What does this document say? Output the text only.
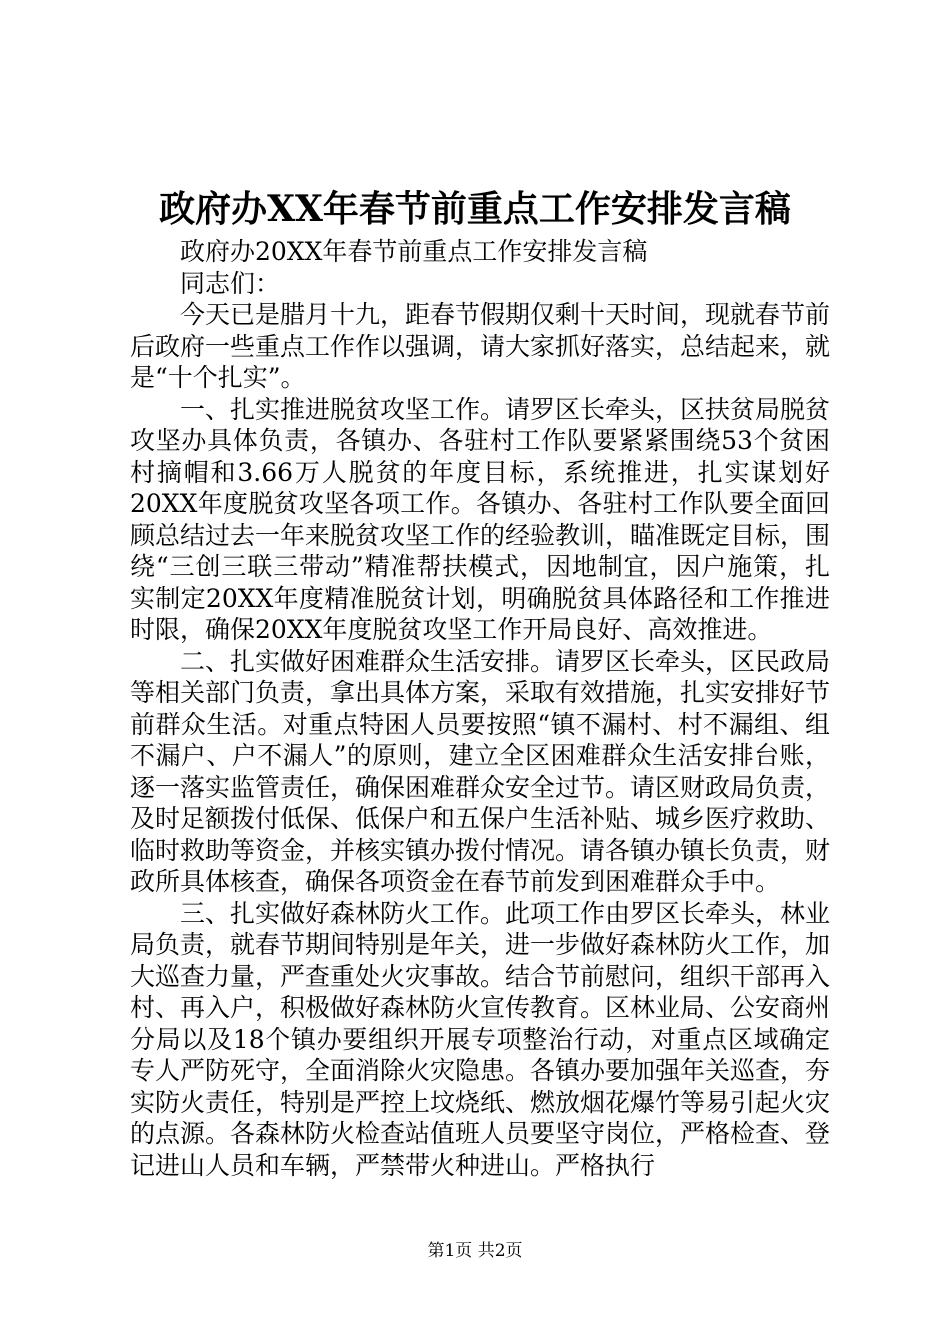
政府办XX年春节前重点工作安排发言稿

政府办20XX年春节前重点工作安排发言稿

同志们：

今天已是腊月十九，距春节假期仅剩十天时间，现就春节前后政府一些重点工作作以强调，请大家抓好落实，总结起来，就是“十个扎实”。

一、扎实推进脱贫攻坚工作。请罗区长牵头，区扶贫局脱贫攻坚办具体负责，各镇办、各驻村工作队要紧紧围绕53个贫困村摘帽和3.66万人脱贫的年度目标，系统推进，扎实谋划好20XX年度脱贫攻坚各项工作。各镇办、各驻村工作队要全面回顾总结过去一年来脱贫攻坚工作的经验教训，瞄准既定目标，围绕“三创三联三带动”精准帮扶模式，因地制宜，因户施策，扎实制定20XX年度精准脱贫计划，明确脱贫具体路径和工作推进时限，确保20XX年度脱贫攻坚工作开局良好、高效推进。

二、扎实做好困难群众生活安排。请罗区长牵头，区民政局等相关部门负责，拿出具体方案，采取有效措施，扎实安排好节前群众生活。对重点特困人员要按照“镇不漏村、村不漏组、组不漏户、户不漏人”的原则，建立全区困难群众生活安排台账，逐一落实监管责任，确保困难群众安全过节。请区财政局负责，及时足额拨付低保、低保户和五保户生活补贴、城乡医疗救助、临时救助等资金，并核实镇办拨付情况。请各镇办镇长负责，财政所具体核查，确保各项资金在春节前发到困难群众手中。

三、扎实做好森林防火工作。此项工作由罗区长牵头，林业局负责，就春节期间特别是年关，进一步做好森林防火工作，加大巡查力量，严查重处火灾事故。结合节前慰问，组织干部再入村、再入户，积极做好森林防火宣传教育。区林业局、公安商州分局以及18个镇办要组织开展专项整治行动，对重点区域确定专人严防死守，全面消除火灾隐患。各镇办要加强年关巡查，夯实防火责任，特别是严控上坟烧纸、燃放烟花爆竹等易引起火灾的点源。各森林防火检查站值班人员要坚守岗位，严格检查、登记进山人员和车辆，严禁带火种进山。严格执行

第1页 共2页
